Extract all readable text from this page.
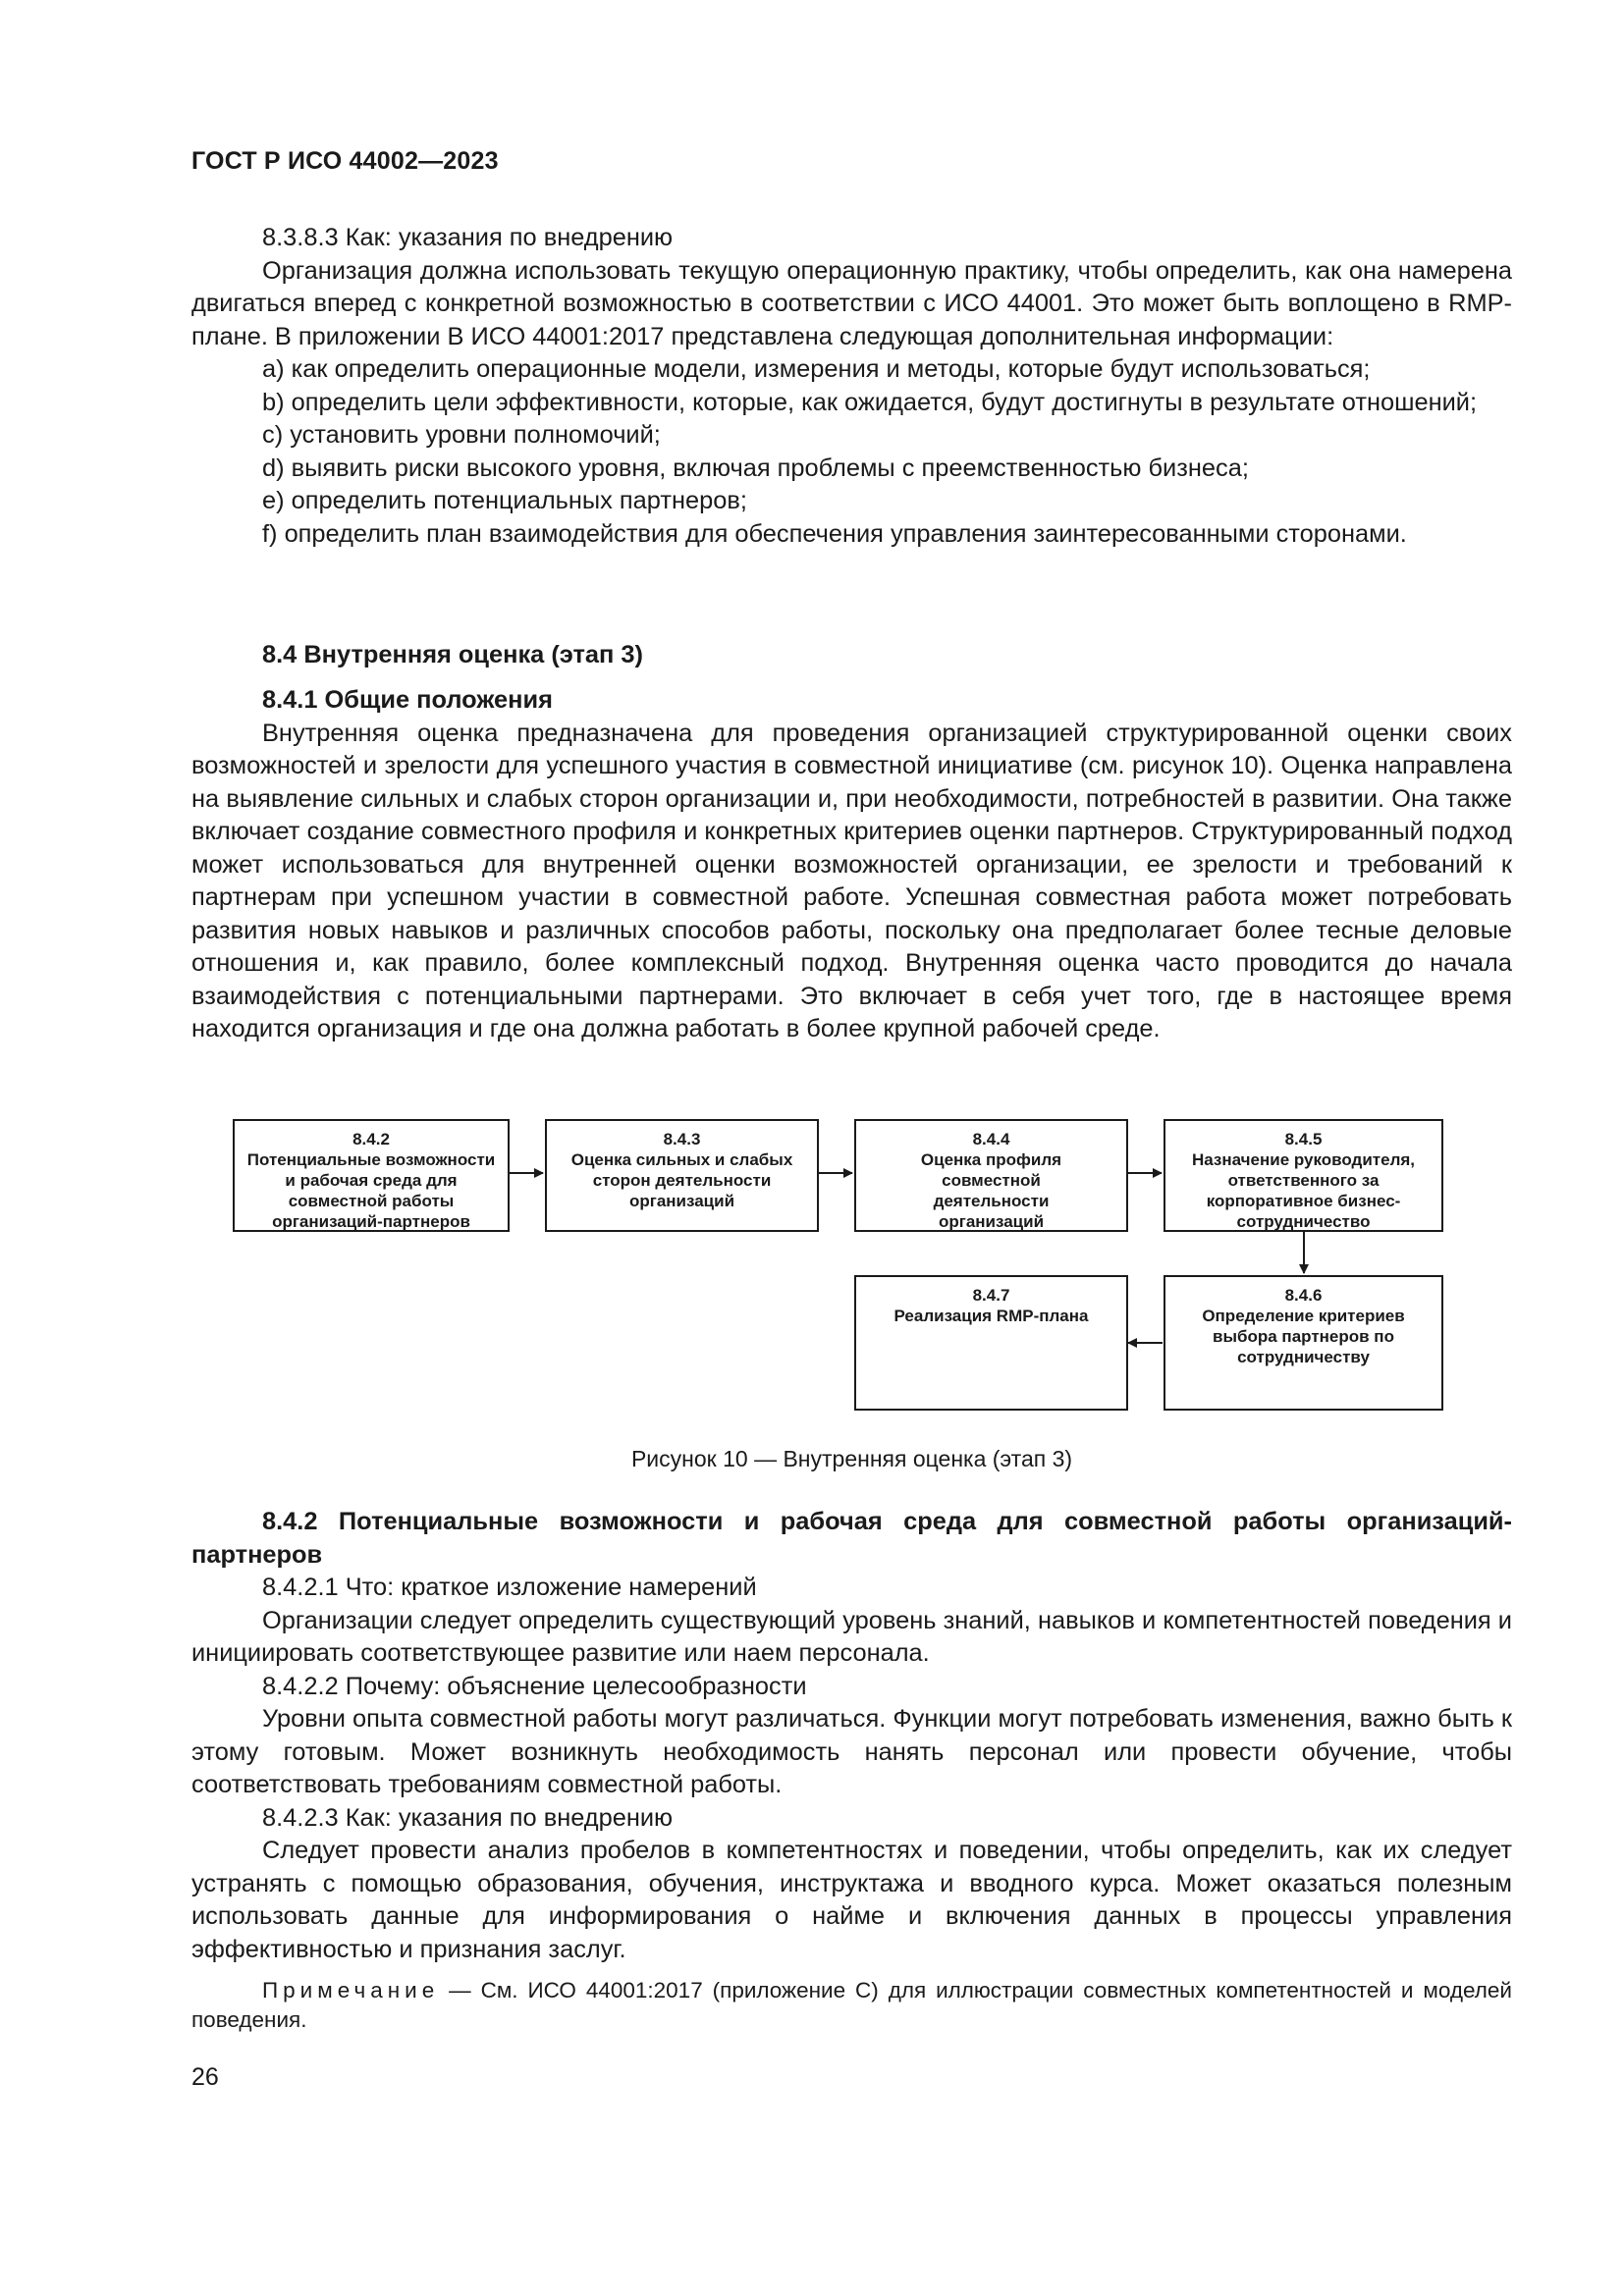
ГОСТ Р ИСО 44002—2023

8.3.8.3 Как: указания по внедрению

Организация должна использовать текущую операционную практику, чтобы определить, как она намерена двигаться вперед с конкретной возможностью в соответствии с ИСО 44001. Это может быть воплощено в RMP-плане. В приложении В ИСО 44001:2017 представлена следующая дополнительная информации:

a) как определить операционные модели, измерения и методы, которые будут использоваться;

b) определить цели эффективности, которые, как ожидается, будут достигнуты в результате отношений;

c) установить уровни полномочий;

d) выявить риски высокого уровня, включая проблемы с преемственностью бизнеса;

e) определить потенциальных партнеров;

f) определить план взаимодействия для обеспечения управления заинтересованными сторонами.

8.4 Внутренняя оценка (этап 3)

8.4.1 Общие положения

Внутренняя оценка предназначена для проведения организацией структурированной оценки своих возможностей и зрелости для успешного участия в совместной инициативе (см. рисунок 10). Оценка направлена на выявление сильных и слабых сторон организации и, при необходимости, потребностей в развитии. Она также включает создание совместного профиля и конкретных критериев оценки партнеров. Структурированный подход может использоваться для внутренней оценки возможностей организации, ее зрелости и требований к партнерам при успешном участии в совместной работе. Успешная совместная работа может потребовать развития новых навыков и различных способов работы, поскольку она предполагает более тесные деловые отношения и, как правило, более комплексный подход. Внутренняя оценка часто проводится до начала взаимодействия с потенциальными партнерами. Это включает в себя учет того, где в настоящее время находится организация и где она должна работать в более крупной рабочей среде.

8.4.2
Потенциальные возможности и рабочая среда для совместной работы организаций-партнеров
8.4.3
Оценка сильных и слабых сторон деятельности организаций
8.4.4
Оценка профиля совместной деятельности организаций
8.4.5
Назначение руководителя, ответственного за корпоративное бизнес-сотрудничество
8.4.6
Определение критериев выбора партнеров по сотрудничеству
8.4.7
Реализация RMP-плана
Рисунок 10 — Внутренняя оценка (этап 3)

8.4.2 Потенциальные возможности и рабочая среда для совместной работы организаций-партнеров

8.4.2.1 Что: краткое изложение намерений

Организации следует определить существующий уровень знаний, навыков и компетентностей поведения и инициировать соответствующее развитие или наем персонала.

8.4.2.2 Почему: объяснение целесообразности

Уровни опыта совместной работы могут различаться. Функции могут потребовать изменения, важно быть к этому готовым. Может возникнуть необходимость нанять персонал или провести обучение, чтобы соответствовать требованиям совместной работы.

8.4.2.3 Как: указания по внедрению

Следует провести анализ пробелов в компетентностях и поведении, чтобы определить, как их следует устранять с помощью образования, обучения, инструктажа и вводного курса. Может оказаться полезным использовать данные для информирования о найме и включения данных в процессы управления эффективностью и признания заслуг.

Примечание — См. ИСО 44001:2017 (приложение С) для иллюстрации совместных компетентностей и моделей поведения.
26
